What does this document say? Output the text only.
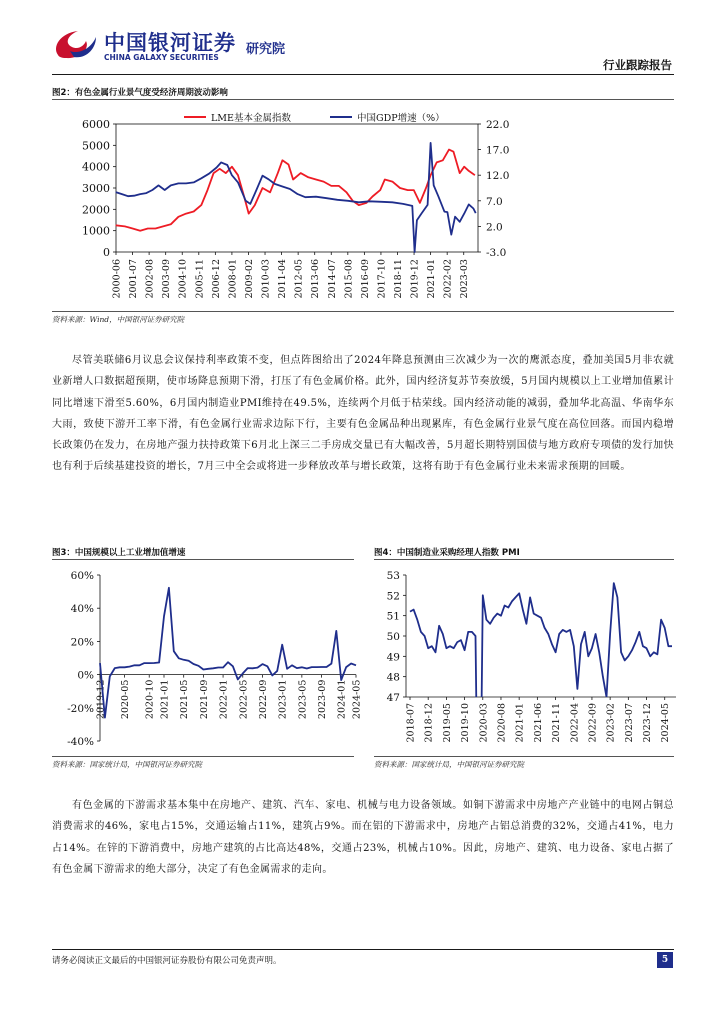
中国银河证券
CHINA GALAXY SECURITIES
研究院
行业跟踪报告
图2：有色金属行业景气度受经济周期波动影响
6000
5000
4000
3000
2000
1000
0
22.0
17.0
12.0
7.0
2.0
-3.0
2000-06 2001-07 2002-08 2003-09 2004-10 2005-11 2006-12 2008-01 2009-02 2010-03 2011-04 2012-05 2013-06 2014-07 2015-08 2016-09 2017-10 2018-11 2019-12 2021-01 2022-02 2023-03
LME基本金属指数	中国GDP增速（%）
资料来源：Wind，中国银河证券研究院

尽管美联储6月议息会议保持利率政策不变，但点阵图给出了2024年降息预测由三次减少为一次的鹰派态度，叠加美国5月非农就业新增人口数据超预期，使市场降息预期下滑，打压了有色金属价格。此外，国内经济复苏节奏放缓，5月国内规模以上工业增加值累计同比增速下滑至5.60%，6月国内制造业PMI维持在49.5%，连续两个月低于枯荣线。国内经济动能的减弱，叠加华北高温、华南华东大雨，致使下游开工率下滑，有色金属行业需求边际下行，主要有色金属品种出现累库，有色金属行业景气度在高位回落。而国内稳增长政策仍在发力，在房地产强力扶持政策下6月北上深三二手房成交量已有大幅改善，5月超长期特别国债与地方政府专项债的发行加快也有利于后续基建投资的增长，7月三中全会或将进一步释放改革与增长政策，这将有助于有色金属行业未来需求预期的回暖。

图3：中国规模以上工业增加值增速
60%
40%
20%
0%
-20%
-40%
2019-12 2020-05 2020-10 2021-01 2021-05 2021-09 2022-01 2022-05 2022-09 2023-01 2023-05 2023-09 2024-01 2024-05
资料来源：国家统计局，中国银河证券研究院
图4：中国制造业采购经理人指数 PMI
53
52
51
50
49
48
47
2018-07 2018-12 2019-05 2019-10 2020-03 2020-08 2021-01 2021-06 2021-11 2022-04 2022-09 2023-02 2023-07 2023-12 2024-05
资料来源：国家统计局，中国银河证券研究院

有色金属的下游需求基本集中在房地产、建筑、汽车、家电、机械与电力设备领域。如铜下游需求中房地产产业链中的电网占铜总消费需求的46%，家电占15%，交通运输占11%，建筑占9%。而在铝的下游需求中，房地产占铝总消费的32%，交通占41%，电力占14%。在锌的下游消费中，房地产建筑的占比高达48%，交通占23%，机械占10%。因此，房地产、建筑、电力设备、家电占据了有色金属下游需求的绝大部分，决定了有色金属需求的走向。

请务必阅读正文最后的中国银河证券股份有限公司免责声明。	5
